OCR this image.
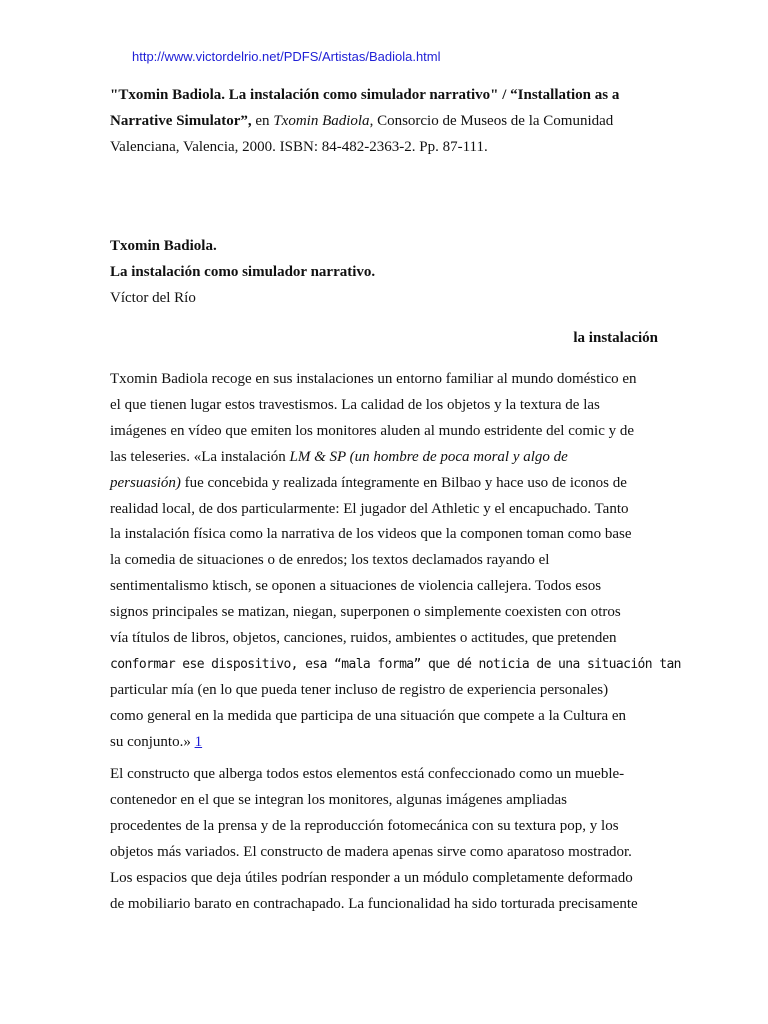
http://www.victordelrio.net/PDFS/Artistas/Badiola.html
"Txomin Badiola. La instalación como simulador narrativo" / “Installation as a
Narrative Simulator”, en Txomin Badiola, Consorcio de Museos de la Comunidad
Valenciana, Valencia, 2000. ISBN: 84-482-2363-2. Pp. 87-111.
Txomin Badiola.
La instalación como simulador narrativo.
Víctor del Río
la instalación
Txomin Badiola recoge en sus instalaciones un entorno familiar al mundo doméstico en
el que tienen lugar estos travestismos. La calidad de los objetos y la textura de las
imágenes en vídeo que emiten los monitores aluden al mundo estridente del comic y de
las teleseries. «La instalación LM & SP (un hombre de poca moral y algo de
persuasión) fue concebida y realizada íntegramente en Bilbao y hace uso de iconos de
realidad local, de dos particularmente: El jugador del Athletic y el encapuchado. Tanto
la instalación física como la narrativa de los videos que la componen toman como base
la comedia de situaciones o de enredos; los textos declamados rayando el
sentimentalismo ktisch, se oponen a situaciones de violencia callejera. Todos esos
signos principales se matizan, niegan, superponen o simplemente coexisten con otros
vía títulos de libros, objetos, canciones, ruidos, ambientes o actitudes, que pretenden
conformar ese dispositivo, esa “mala forma” que dé noticia de una situación tan
particular mía (en lo que pueda tener incluso de registro de experiencia personales)
como general en la medida que participa de una situación que compete a la Cultura en
su conjunto.» 1
El constructo que alberga todos estos elementos está confeccionado como un mueble-
contenedor en el que se integran los monitores, algunas imágenes ampliadas
procedentes de la prensa y de la reproducción fotomecánica con su textura pop, y los
objetos más variados. El constructo de madera apenas sirve como aparatoso mostrador.
Los espacios que deja útiles podrían responder a un módulo completamente deformado
de mobiliario barato en contrachapado. La funcionalidad ha sido torturada precisamente
